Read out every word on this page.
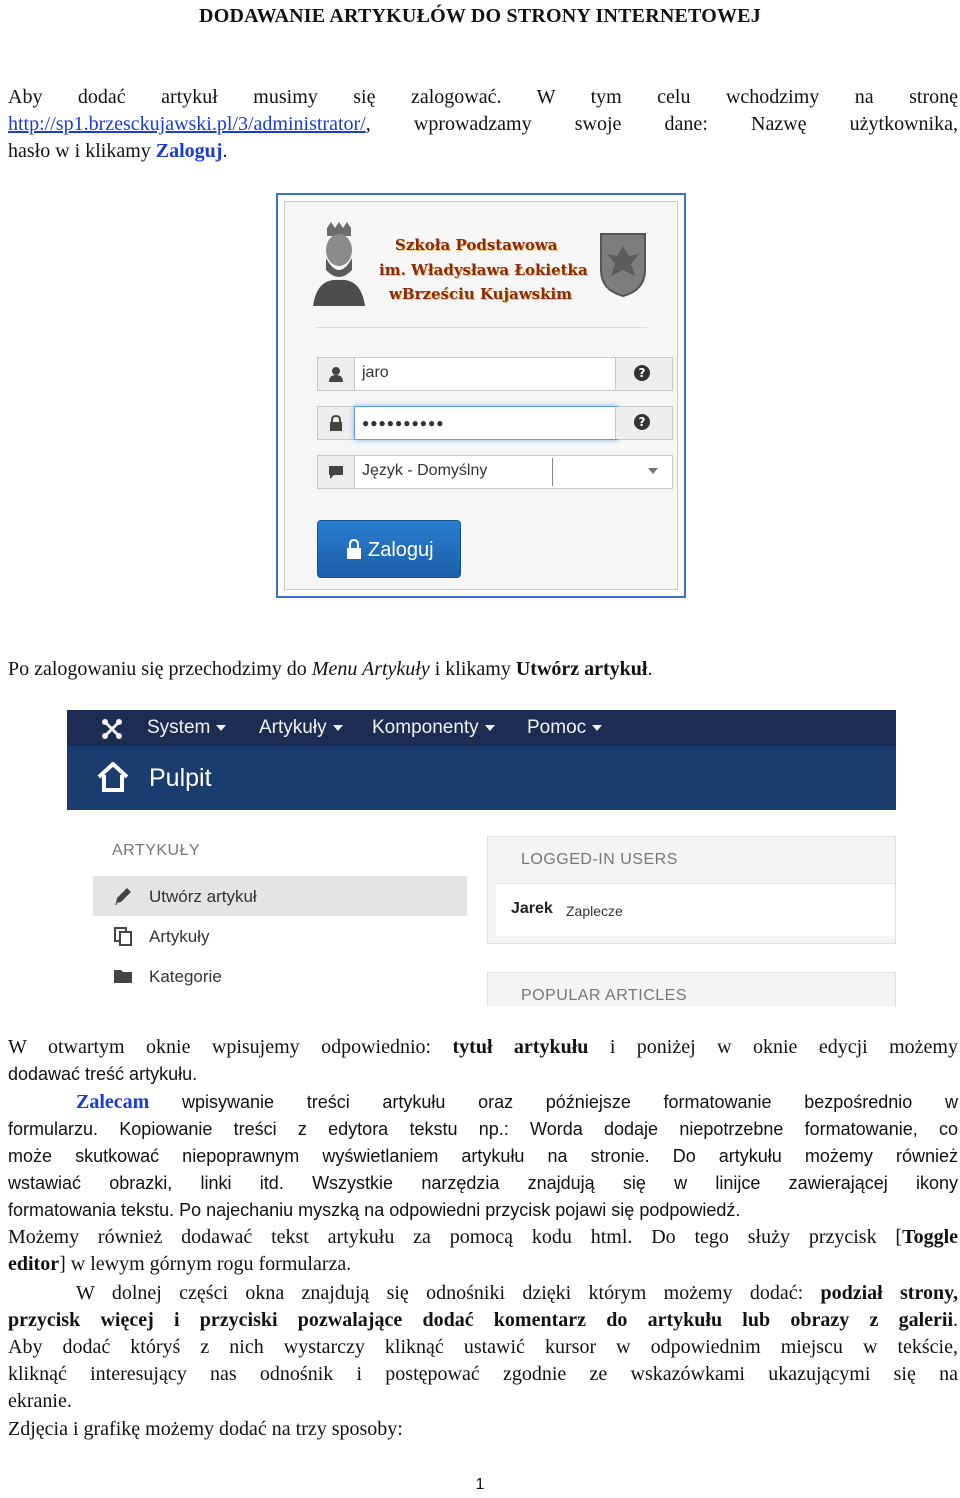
DODAWANIE ARTYKUŁÓW DO STRONY INTERNETOWEJ
Aby dodać artykuł musimy się zalogować. W tym celu wchodzimy na stronę
http://sp1.brzesckujawski.pl/3/administrator/, wprowadzamy swoje dane: Nazwę użytkownika,
hasło w i klikamy Zaloguj.
Szkoła Podstawowa
im. Władysława Łokietka
wBrześciu Kujawskim
jaro	?
●●●●●●●●●●	?
Język - Domyślny
Zaloguj
Po zalogowaniu się przechodzimy do Menu Artykuły i klikamy Utwórz artykuł.
System	Artykuły	Komponenty	Pomoc
Pulpit
ARTYKUŁY
Utwórz artykuł
Artykuły
Kategorie
LOGGED-IN USERS
Jarek Zaplecze
POPULAR ARTICLES
W otwartym oknie wpisujemy odpowiednio: tytuł artykułu i poniżej w oknie edycji możemy
dodawać treść artykułu.
Zalecam wpisywanie treści artykułu oraz późniejsze formatowanie bezpośrednio w
formularzu. Kopiowanie treści z edytora tekstu np.: Worda dodaje niepotrzebne formatowanie, co
może skutkować niepoprawnym wyświetlaniem artykułu na stronie. Do artykułu możemy również
wstawiać obrazki, linki itd. Wszystkie narzędzia znajdują się w linijce zawierającej ikony
formatowania tekstu. Po najechaniu myszką na odpowiedni przycisk pojawi się podpowiedź.
Możemy również dodawać tekst artykułu za pomocą kodu html. Do tego służy przycisk [Toggle
editor] w lewym górnym rogu formularza.
W dolnej części okna znajdują się odnośniki dzięki którym możemy dodać: podział strony,
przycisk więcej i przyciski pozwalające dodać komentarz do artykułu lub obrazy z galerii.
Aby dodać któryś z nich wystarczy kliknąć ustawić kursor w odpowiednim miejscu w tekście,
kliknąć interesujący nas odnośnik i postępować zgodnie ze wskazówkami ukazującymi się na
ekranie.
Zdjęcia i grafikę możemy dodać na trzy sposoby:
1
